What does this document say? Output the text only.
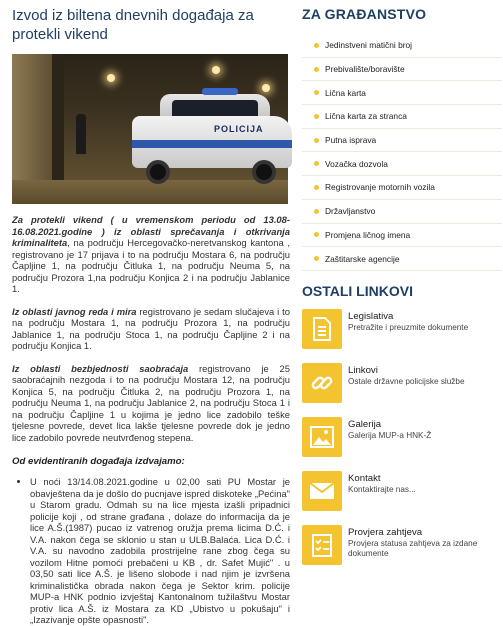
Izvod iz biltena dnevnih događaja za protekli vikend
POLICIJA

Za protekli vikend ( u vremenskom periodu od 13.08-16.08.2021.godine ) iz oblasti sprečavanja i otkrivanja kriminaliteta, na području Hercegovačko-neretvanskog kantona , registrovano je 17 prijava i to na području Mostara 6, na području Čapljine 1, na području Čitluka 1, na području Neuma 5, na području Prozora 1,na području Konjica 2 i na području Jablanice 1.

Iz oblasti javnog reda i mira registrovano je sedam slučajeva i to na području Mostara 1, na području Prozora 1, na području Jablanice 1, na području Stoca 1, na području Čapljine 2 i na području Konjica 1.

Iz oblasti bezbjednosti saobraćaja registrovano je 25 saobraćajnih nezgoda i to na području Mostara 12, na području Konjica 5, na području Čitluka 2, na području Prozora 1, na području Neuma 1, na području Jablanice 2, na području Stoca 1 i na području Čapljine 1 u kojima je jedno lice zadobilo teške tjelesne povrede, devet lica lakše tjelesne povrede dok je jedno lice zadobilo povrede neutvrđenog stepena.

Od evidentiranih događaja izdvajamo:

• U noći 13/14.08.2021.godine u 02,00 sati PU Mostar je obavještena da je došlo do pucnjave ispred diskoteke „Pećina" u Starom gradu. Odmah su na lice mjesta izašli pripadnici policije koji , od strane građana , dolaze do informacija da je lice A.Š.(1987) pucao iz vatrenog oružja prema licima D.Ć. i V.A. nakon čega se sklonio u stan u ULB.Balaća. Lica D.Ć. i V.A. su navodno zadobila prostrijelne rane zbog čega su vozilom Hitne pomoći prebačeni u KB , dr. Safet Mujić" . u 03,50 sati lice A.Š. je lišeno slobode i nad njim je izvršena kriminalistička obrada nakon čega je Sektor krim. policije MUP-a HNK podnio izvještaj Kantonalnom tužilaštvu Mostar protiv lica A.Š. iz Mostara za KD „Ubistvo u pokušaju" i „Izazivanje opšte opasnosti".
ZA GRAĐANSTVO
Jedinstveni matični broj
Prebivalište/boravište
Lična karta
Lična karta za stranca
Putna isprava
Vozačka dozvola
Registrovanje motornih vozila
Državljanstvo
Promjena ličnog imena
Zaštitarske agencije
OSTALI LINKOVI
Legislativa
Pretražite i preuzmite dokumente
Linkovi
Ostale državne policijske službe
Galerija
Galerija MUP-a HNK-Ž
Kontakt
Kontaktirajte nas...
Provjera zahtjeva
Provjera statusa zahtjeva za izdane dokumente
